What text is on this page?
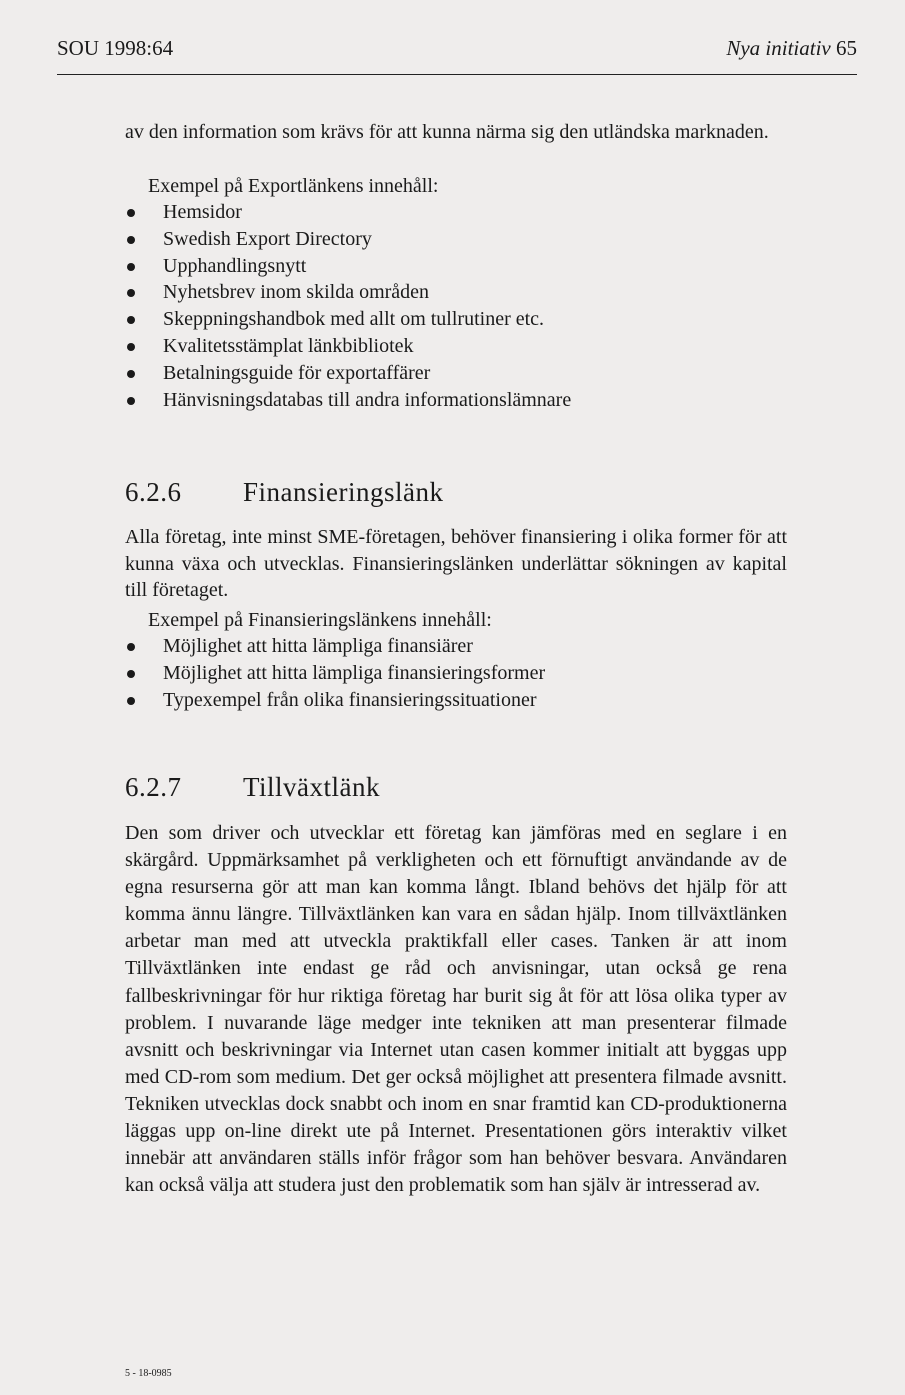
SOU 1998:64	Nya initiativ 65

av den information som krävs för att kunna närma sig den utländska marknaden.

Exempel på Exportlänkens innehåll:
Hemsidor
Swedish Export Directory
Upphandlingsnytt
Nyhetsbrev inom skilda områden
Skeppningshandbok med allt om tullrutiner etc.
Kvalitetsstämplat länkbibliotek
Betalningsguide för exportaffärer
Hänvisningsdatabas till andra informationslämnare
6.2.6 Finansieringslänk

Alla företag, inte minst SME-företagen, behöver finansiering i olika former för att kunna växa och utvecklas. Finansieringslänken underlättar sökningen av kapital till företaget.

Exempel på Finansieringslänkens innehåll:
Möjlighet att hitta lämpliga finansiärer
Möjlighet att hitta lämpliga finansieringsformer
Typexempel från olika finansieringssituationer
6.2.7 Tillväxtlänk

Den som driver och utvecklar ett företag kan jämföras med en seglare i en skärgård. Uppmärksamhet på verkligheten och ett förnuftigt användande av de egna resurserna gör att man kan komma långt. Ibland behövs det hjälp för att komma ännu längre. Tillväxtlänken kan vara en sådan hjälp. Inom tillväxtlänken arbetar man med att utveckla praktikfall eller cases. Tanken är att inom Tillväxtlänken inte endast ge råd och anvisningar, utan också ge rena fallbeskrivningar för hur riktiga företag har burit sig åt för att lösa olika typer av problem. I nuvarande läge medger inte tekniken att man presenterar filmade avsnitt och beskrivningar via Internet utan casen kommer initialt att byggas upp med CD-rom som medium. Det ger också möjlighet att presentera filmade avsnitt. Tekniken utvecklas dock snabbt och inom en snar framtid kan CD-produktionerna läggas upp on-line direkt ute på Internet. Presentationen görs interaktiv vilket innebär att användaren ställs inför frågor som han behöver besvara. Användaren kan också välja att studera just den problematik som han själv är intresserad av.

5 - 18-0985
